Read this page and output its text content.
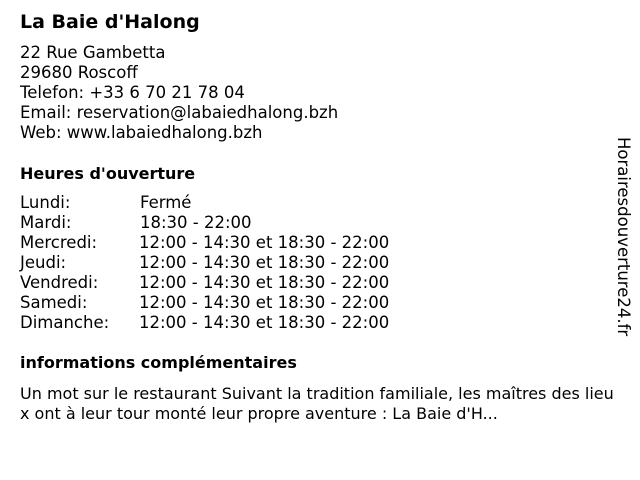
La Baie d'Halong
22 Rue Gambetta
29680 Roscoff
Telefon: +33 6 70 21 78 04
Email: reservation@labaiedhalong.bzh
Web: www.labaiedhalong.bzh
Heures d'ouverture
Lundi:	Fermé
Mardi:	18:30 - 22:00
Mercredi:	12:00 - 14:30 et 18:30 - 22:00
Jeudi:	12:00 - 14:30 et 18:30 - 22:00
Vendredi: 12:00 - 14:30 et 18:30 - 22:00
Samedi:	12:00 - 14:30 et 18:30 - 22:00
Dimanche: 12:00 - 14:30 et 18:30 - 22:00
informations complémentaires
Un mot sur le restaurant Suivant la tradition familiale, les maîtres des lieux ont à leur tour monté leur propre aventure : La Baie d'H...
Horairesdouverture24.fr
